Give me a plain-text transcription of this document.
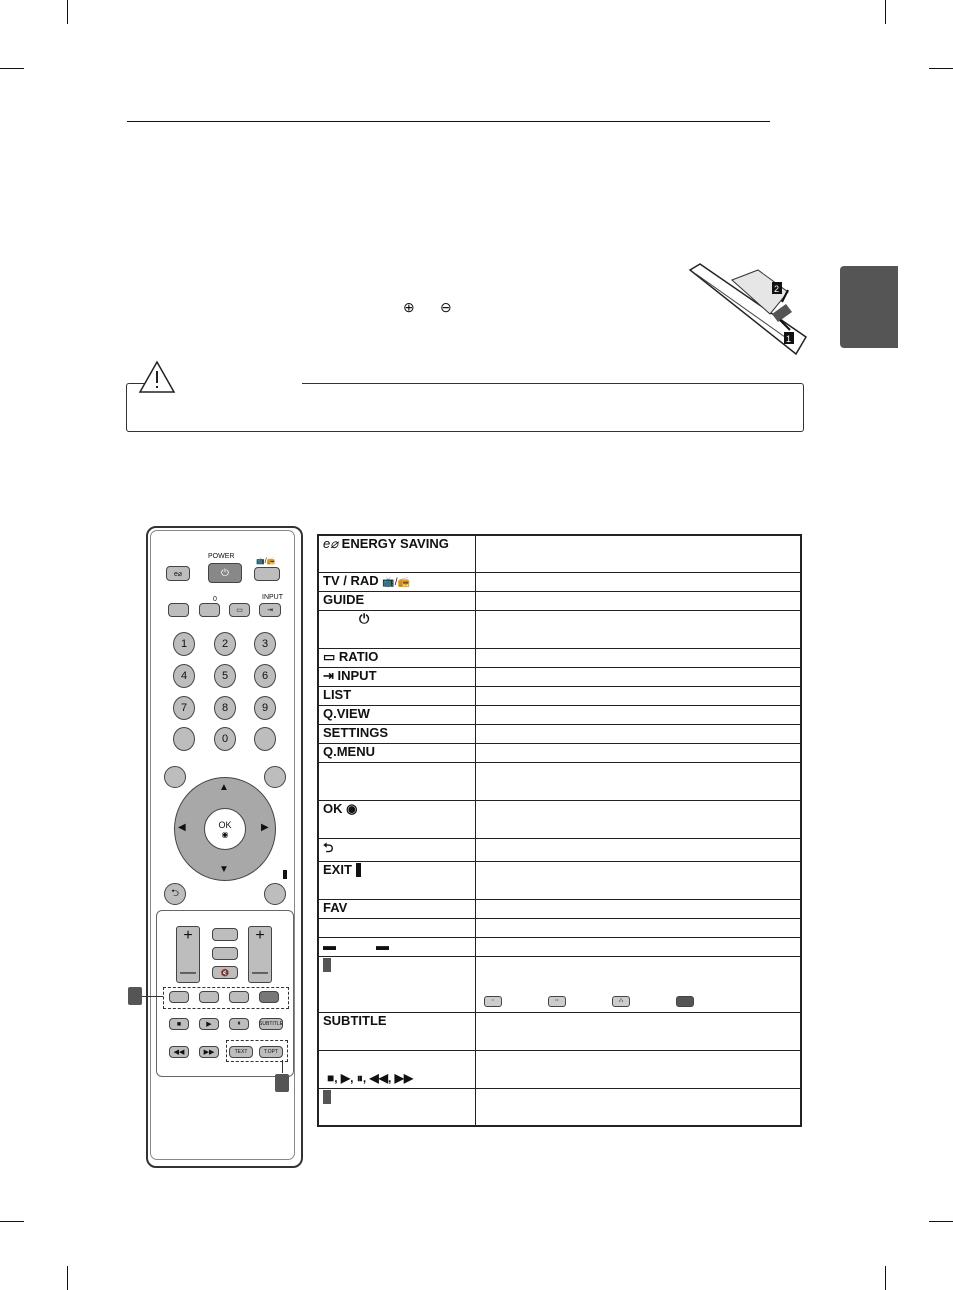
1
2
⊕ ⊖
POWER
e⌀	⏻
📺/📻
0	INPUT
▭	⇥
1	2	3
4	5	6
7	8	9
0
▲
▼
◀	▶
OK
◉
⮌
+
—
+
—
🔇
■	▶	⏸	SUBTITLE
◀◀	▶▶	TEXT	T.OPT
e⌀ ENERGY SAVING	
TV / RAD 📺/📻	
GUIDE	
⏻	
▭ RATIO	
⇥ INPUT	
LIST	
Q.VIEW	
SETTINGS	
Q.MENU	

OK ◉	
⮌	
EXIT	
FAV	

▬ ▬	
	· ·· ∴
SUBTITLE	
■, ▶, ⏸, ◀◀, ▶▶	
